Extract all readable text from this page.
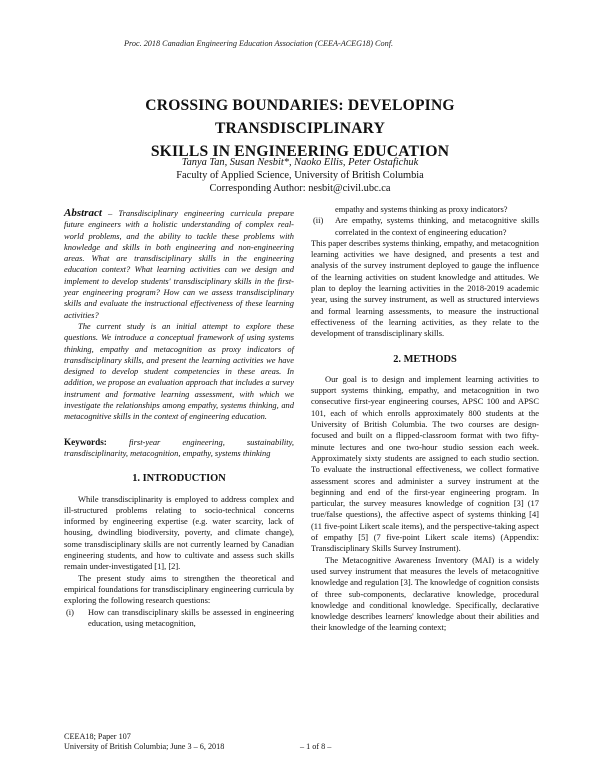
Proc. 2018 Canadian Engineering Education Association (CEEA-ACEG18) Conf.
CROSSING BOUNDARIES: DEVELOPING TRANSDISCIPLINARY
SKILLS IN ENGINEERING EDUCATION
Tanya Tan, Susan Nesbit*, Naoko Ellis, Peter Ostafichuk
Faculty of Applied Science, University of British Columbia
Corresponding Author: nesbit@civil.ubc.ca

Abstract – Transdisciplinary engineering curricula prepare future engineers with a holistic understanding of complex real-world problems, and the ability to tackle these problems with knowledge and skills in both engineering and non-engineering areas. What are transdisciplinary skills in the engineering education context? What learning activities can we design and implement to develop students' transdisciplinary skills in the first-year engineering program? How can we assess transdisciplinary skills and evaluate the instructional effectiveness of these learning activities?

The current study is an initial attempt to explore these questions. We introduce a conceptual framework of using systems thinking, empathy and metacognition as proxy indicators of transdisciplinary skills, and present the learning activities we have designed to develop student competencies in these areas. In addition, we propose an evaluation approach that includes a survey instrument and formative learning assessment, with which we investigate the relationships among empathy, systems thinking, and metacognitive skills in the context of engineering education.

Keywords:	first-year engineering, sustainability, transdisciplinarity, metacognition, empathy, systems thinking

1. INTRODUCTION

While transdisciplinarity is employed to address complex and ill-structured problems relating to socio-technical concerns informed by engineering expertise (e.g. water scarcity, lack of housing, dwindling biodiversity, poverty, and climate change), some transdisciplinary skills are not currently learned by Canadian engineering students, and how to cultivate and assess such skills remain under-investigated [1], [2].

The present study aims to strengthen the theoretical and empirical foundations for transdisciplinary engineering curricula by exploring the following research questions:

(i)	How can transdisciplinary skills be assessed in engineering education, using metacognition,

empathy and systems thinking as proxy indicators?

(ii)	Are empathy, systems thinking, and metacognitive skills correlated in the context of engineering education?

This paper describes systems thinking, empathy, and metacognition learning activities we have designed, and presents a test and analysis of the survey instrument deployed to gauge the influence of the learning activities on student knowledge and attitudes. We plan to deploy the learning activities in the 2018-2019 academic year, using the survey instrument, as well as structured interviews and formal learning assessments, to measure the instructional effectiveness of the learning activities, as they relate to the development of transdisciplinary skills.

2. METHODS

Our goal is to design and implement learning activities to support systems thinking, empathy, and metacognition in two consecutive first-year engineering courses, APSC 100 and APSC 101, each of which enrolls approximately 800 students at the University of British Columbia. The two courses are design-focused and built on a flipped-classroom format with two fifty-minute lectures and one two-hour studio session each week. Approximately sixty students are assigned to each studio section. To evaluate the instructional effectiveness, we collect formative assessment scores and administer a survey instrument at the beginning and end of the first-year engineering program. In particular, the survey measures knowledge of cognition [3] (17 true/false questions), the affective aspect of systems thinking [4] (11 five-point Likert scale items), and the perspective-taking aspect of empathy [5] (7 five-point Likert scale items) (Appendix: Transdisciplinary Skills Survey Instrument).

The Metacognitive Awareness Inventory (MAI) is a widely used survey instrument that measures the levels of metacognitive knowledge and regulation [3]. The knowledge of cognition consists of three sub-components, declarative knowledge, procedural knowledge and conditional knowledge. Specifically, declarative knowledge describes learners' knowledge about their abilities and their knowledge of the learning context;

CEEA18; Paper 107
University of British Columbia; June 3 – 6, 2018	– 1 of 8 –
